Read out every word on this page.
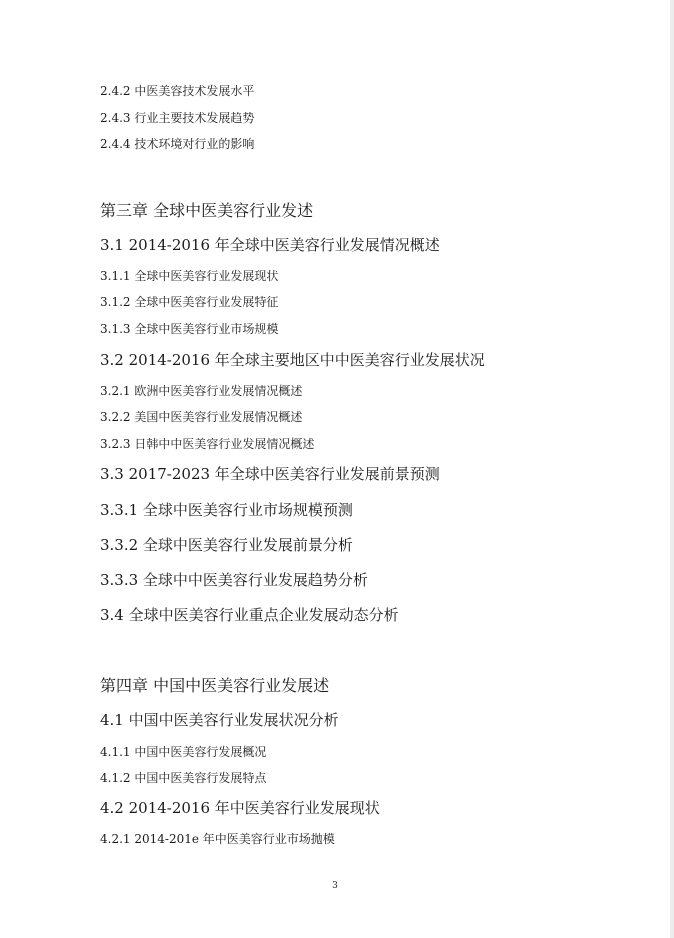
2.4.2 中医美容技术发展水平
2.4.3 行业主要技术发展趋势
2.4.4 技术环境对行业的影响
第三章 全球中医美容行业发述
3.1 2014-2016 年全球中医美容行业发展情况概述
3.1.1 全球中医美容行业发展现状
3.1.2 全球中医美容行业发展特征
3.1.3 全球中医美容行业市场规模
3.2 2014-2016 年全球主要地区中中医美容行业发展状况
3.2.1 欧洲中医美容行业发展情况概述
3.2.2 美国中医美容行业发展情况概述
3.2.3 日韩中中医美容行业发展情况概述
3.3 2017-2023 年全球中医美容行业发展前景预测
3.3.1 全球中医美容行业市场规模预测
3.3.2 全球中医美容行业发展前景分析
3.3.3 全球中中医美容行业发展趋势分析
3.4 全球中医美容行业重点企业发展动态分析
第四章 中国中医美容行业发展述
4.1 中国中医美容行业发展状况分析
4.1.1 中国中医美容行发展概况
4.1.2 中国中医美容行发展特点
4.2 2014-2016 年中医美容行业发展现状
4.2.1 2014-201e 年中医美容行业市场拋模
3
